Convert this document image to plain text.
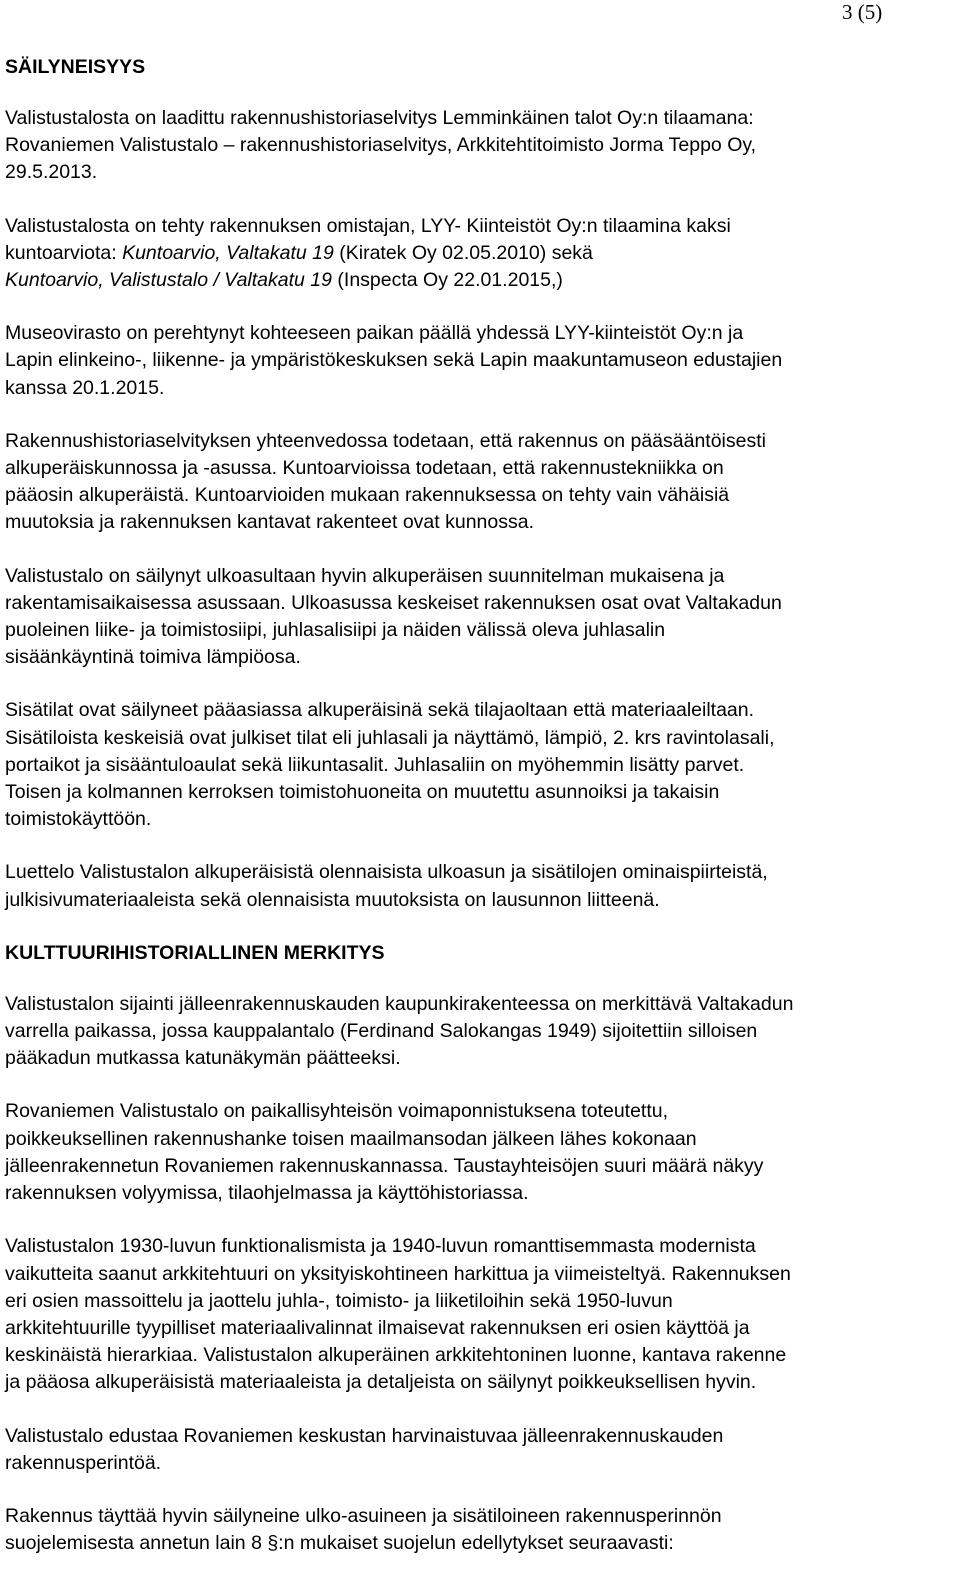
3 (5)
SÄILYNEISYYS
Valistustalosta on laadittu rakennushistoriaselvitys Lemminkäinen talot Oy:n tilaamana:
Rovaniemen Valistustalo – rakennushistoriaselvitys, Arkkitehtitoimisto Jorma Teppo Oy,
29.5.2013.
Valistustalosta on tehty rakennuksen omistajan, LYY- Kiinteistöt Oy:n tilaamina kaksi
kuntoarviota: Kuntoarvio, Valtakatu 19 (Kiratek Oy 02.05.2010) sekä
Kuntoarvio, Valistustalo / Valtakatu 19 (Inspecta Oy 22.01.2015,)
Museovirasto on perehtynyt kohteeseen paikan päällä yhdessä LYY-kiinteistöt Oy:n ja
Lapin elinkeino-, liikenne- ja ympäristökeskuksen sekä Lapin maakuntamuseon edustajien
kanssa 20.1.2015.
Rakennushistoriaselvityksen yhteenvedossa todetaan, että rakennus on pääsääntöisesti
alkuperäiskunnossa ja -asussa. Kuntoarvioissa todetaan, että rakennustekniikka on
pääosin alkuperäistä. Kuntoarvioiden mukaan rakennuksessa on tehty vain vähäisiä
muutoksia ja rakennuksen kantavat rakenteet ovat kunnossa.
Valistustalo on säilynyt ulkoasultaan hyvin alkuperäisen suunnitelman mukaisena ja
rakentamisaikaisessa asussaan. Ulkoasussa keskeiset rakennuksen osat ovat Valtakadun
puoleinen liike- ja toimistosiipi, juhlasalisiipi ja näiden välissä oleva juhlasalin
sisäänkäyntinä toimiva lämpiöosa.
Sisätilat ovat säilyneet pääasiassa alkuperäisinä sekä tilajaoltaan että materiaaleiltaan.
Sisätiloista keskeisiä ovat julkiset tilat eli juhlasali ja näyttämö, lämpiö, 2. krs ravintolasali,
portaikot ja sisääntuloaulat sekä liikuntasalit. Juhlasaliin on myöhemmin lisätty parvet.
Toisen ja kolmannen kerroksen toimistohuoneita on muutettu asunnoiksi ja takaisin
toimistokäyttöön.
Luettelo Valistustalon alkuperäisistä olennaisista ulkoasun ja sisätilojen ominaispiirteistä,
julkisivumateriaaleista sekä olennaisista muutoksista on lausunnon liitteenä.
KULTTUURIHISTORIALLINEN MERKITYS
Valistustalon sijainti jälleenrakennuskauden kaupunkirakenteessa on merkittävä Valtakadun
varrella paikassa, jossa kauppalantalo (Ferdinand Salokangas 1949) sijoitettiin silloisen
pääkadun mutkassa katunäkymän päätteeksi.
Rovaniemen Valistustalo on paikallisyhteisön voimaponnistuksena toteutettu,
poikkeuksellinen rakennushanke toisen maailmansodan jälkeen lähes kokonaan
jälleenrakennetun Rovaniemen rakennuskannassa. Taustayhteisöjen suuri määrä näkyy
rakennuksen volyymissa, tilaohjelmassa ja käyttöhistoriassa.
Valistustalon 1930-luvun funktionalismista ja 1940-luvun romanttisemmasta modernista
vaikutteita saanut arkkitehtuuri on yksityiskohtineen harkittua ja viimeisteltyä. Rakennuksen
eri osien massoittelu ja jaottelu juhla-, toimisto- ja liiketiloihin sekä 1950-luvun
arkkitehtuurille tyypilliset materiaalivalinnat ilmaisevat rakennuksen eri osien käyttöä ja
keskinäistä hierarkiaa. Valistustalon alkuperäinen arkkitehtoninen luonne, kantava rakenne
ja pääosa alkuperäisistä materiaaleista ja detaljeista on säilynyt poikkeuksellisen hyvin.
Valistustalo edustaa Rovaniemen keskustan harvinaistuvaa jälleenrakennuskauden
rakennusperintöä.
Rakennus täyttää hyvin säilyneine ulko-asuineen ja sisätiloineen rakennusperinnön
suojelemisesta annetun lain 8 §:n mukaiset suojelun edellytykset seuraavasti:
